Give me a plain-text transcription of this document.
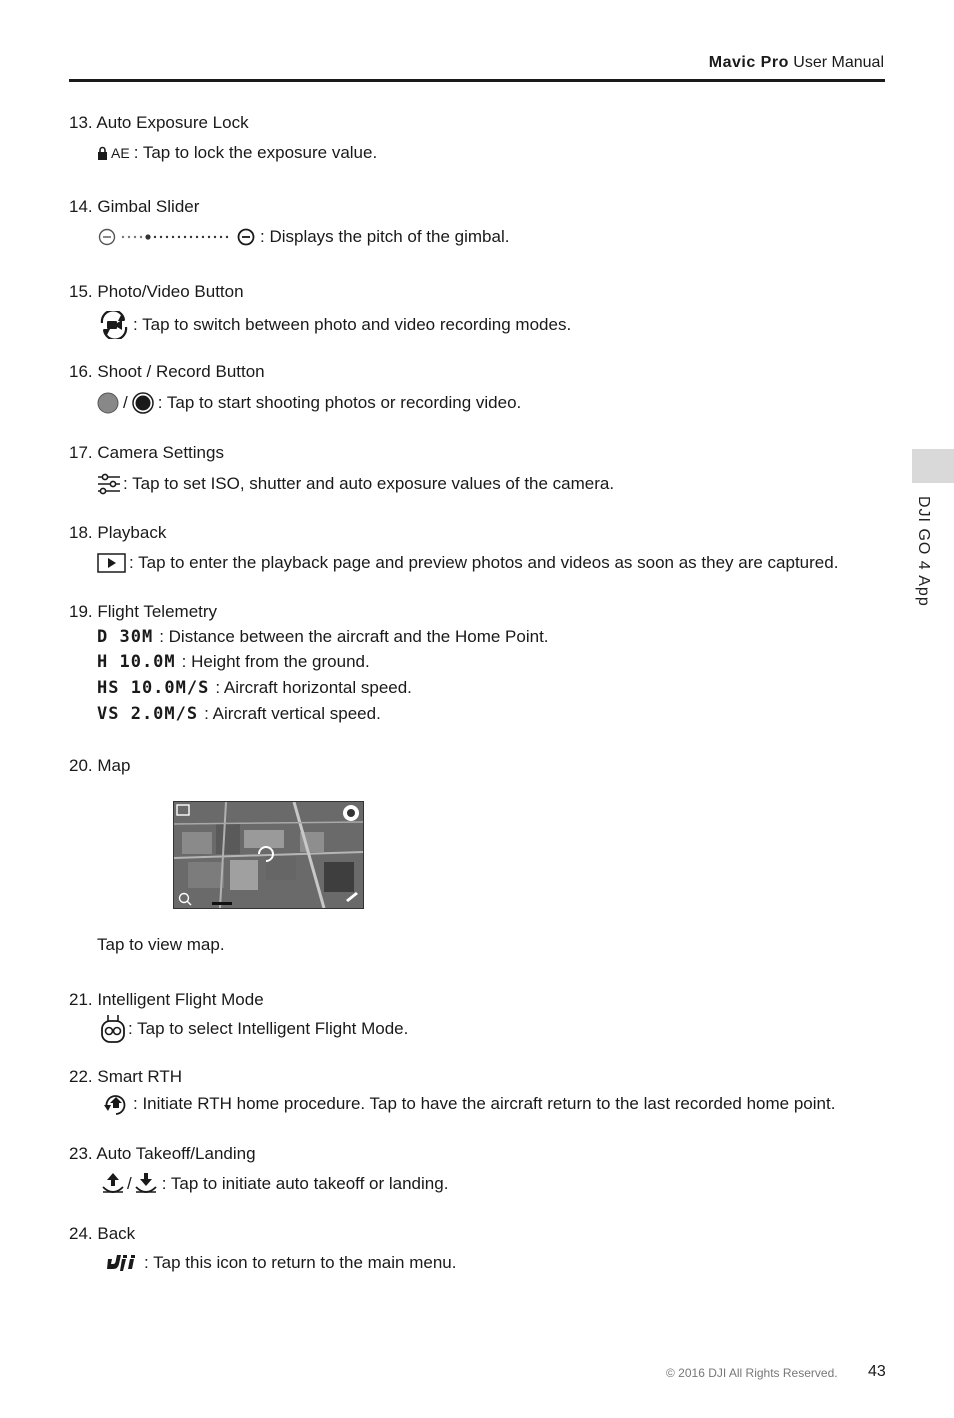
Mavic Pro User Manual
DJI GO 4 App
13. Auto Exposure Lock
AE : Tap to lock the exposure value.
14. Gimbal Slider
: Displays the pitch of the gimbal.
15. Photo/Video Button
: Tap to switch between photo and video recording modes.
16. Shoot / Record Button
/ : Tap to start shooting photos or recording video.
17. Camera Settings
: Tap to set ISO, shutter and auto exposure values of the camera.
18. Playback
: Tap to enter the playback page and preview photos and videos as soon as they are captured.
19. Flight Telemetry
D 30M : Distance between the aircraft and the Home Point.
H 10.0M : Height from the ground.
HS 10.0M/S : Aircraft horizontal speed.
VS 2.0M/S : Aircraft vertical speed.
20. Map
Tap to view map.
21. Intelligent Flight Mode
: Tap to select Intelligent Flight Mode.
22. Smart RTH
: Initiate RTH home procedure. Tap to have the aircraft return to the last recorded home point.
23. Auto Takeoff/Landing
/ : Tap to initiate auto takeoff or landing.
24. Back
: Tap this icon to return to the main menu.
© 2016 DJI All Rights Reserved. 43
